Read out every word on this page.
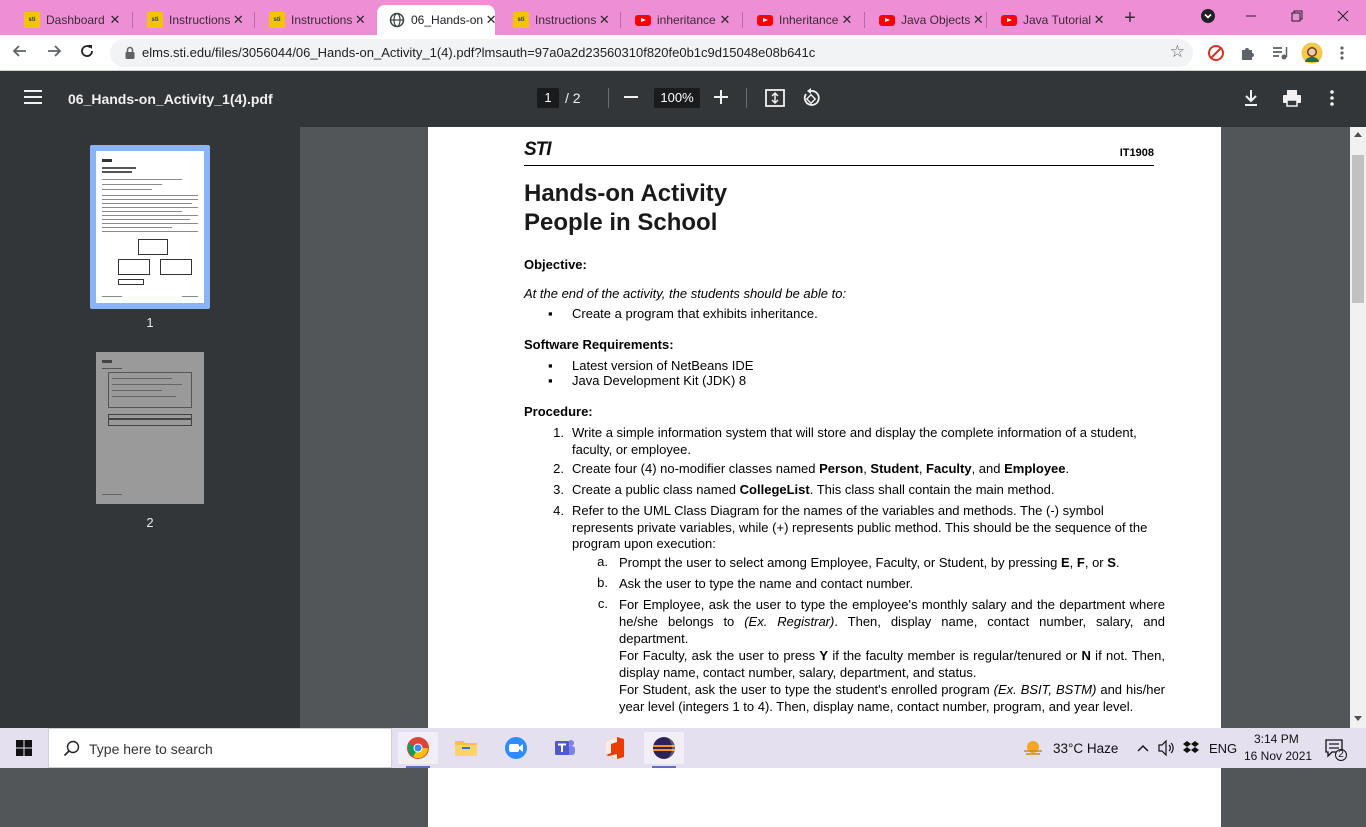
sti Dashboard ✕	sti Instructions ✕	sti Instructions ✕	06_Hands-on ✕	sti Instructions ✕	inheritance ✕	Inheritance ✕	Java Objects ✕	Java Tutorial ✕ +
elms.sti.edu/files/3056044/06_Hands-on_Activity_1(4).pdf?lmsauth=97a0a2d23560310f820fe0b1c9d15048e08b641c	☆
06_Hands-on_Activity_1(4).pdf	1 / 2	100%
1
2
STI	IT1908
Hands-on Activity
People in School
Objective:
At the end of the activity, the students should be able to:
▪ Create a program that exhibits inheritance.
Software Requirements:
▪ Latest version of NetBeans IDE
▪ Java Development Kit (JDK) 8
Procedure:
1. Write a simple information system that will store and display the complete information of a student, faculty, or employee.
2. Create four (4) no-modifier classes named Person, Student, Faculty, and Employee.
3. Create a public class named CollegeList. This class shall contain the main method.
4. Refer to the UML Class Diagram for the names of the variables and methods. The (-) symbol represents private variables, while (+) represents public method. This should be the sequence of the program upon execution:
a. Prompt the user to select among Employee, Faculty, or Student, by pressing E, F, or S.
b. Ask the user to type the name and contact number.
c. For Employee, ask the user to type the employee's monthly salary and the department where he/she belongs to (Ex. Registrar). Then, display name, contact number, salary, and department.
For Faculty, ask the user to press Y if the faculty member is regular/tenured or N if not. Then, display name, contact number, salary, department, and status.
For Student, ask the user to type the student's enrolled program (Ex. BSIT, BSTM) and his/her year level (integers 1 to 4). Then, display name, contact number, program, and year level.
Type here to search	33°C Haze	ENG
3:14 PM
16 Nov 2021	2
